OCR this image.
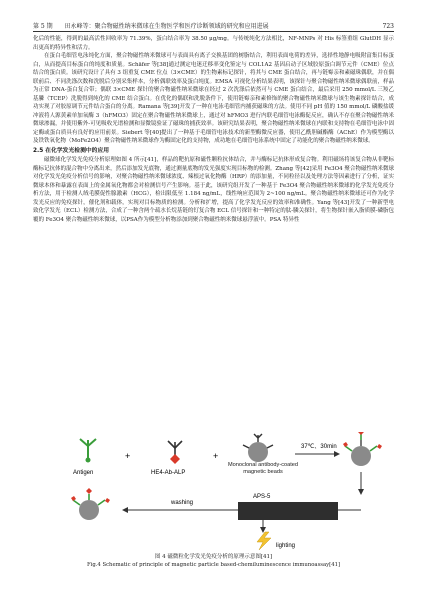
第 5 期 田永峰等：聚合物磁性纳米微球在生物医学和医疗诊断领域的研究和应用进展	723

化后的性能，得到的最高活性回收率为 71.39%，蛋白结合率为 38.50 μg/mg。与传统纯化方法相比，NF-MNPs 对 His 标签重组 GlutDH 显示出更高的特异性和活力。

在蛋白毛细管电泳纯化方面，聚合物磁性纳米微球可与表面具有离子交换基团的树脂结合，利用表面电荷的差异，选择性地静电吸附富集目标蛋白，从而提高目标蛋白的纯度和质量。Schäfer 等[38]通过测定电迷迁移率变化鉴定与 COL1A2 基因启动子区域胶原蛋白调节元件（CME）位点结合的蛋白质。该研究设计了具有 3 组重复 CME 位点（3×CME）的生物素标记探针，将其与 CME 蛋白结合，再与链霉亲和素磁珠偶联，并在偶联前后、不同洗涤次数和洗脱后分别采集样本，分析偶联效率及蛋白纯度。EMSA 可视化分析结果表明，该探针与聚合物磁性纳米微球偶联前，样品为正常 DNA-蛋白复合带；偶联 3×CME 探针的聚合物磁性纳米微球在经过 2 次洗涤后依然可与 CME 蛋白结合，最后采用 250 mmol/L 三羧乙基膦（TCEP）洗脱得到纯化的 CME 结合蛋白。在优化的偶联和洗脱条件下，使用链霉亲和素修饰的聚合物磁性纳米微球与该生物素探针结合，成功实现了对胶原调节元件结合蛋白的分离。Ramana 等[39]开发了一种在电泳毛细管内捕获磁珠的方法。使用不同 pH 值的 150 mmol/L 磷酸盐缓冲液将人源黄素单加氧酶 3（hFMO3）固定在聚合物磁性纳米微球上，通过对 hFMO3 进行内联毛细管电泳酶促反应，确认不存在聚合物磁性纳米微球渗漏，并使用紫外-可见吸收光谱检测和显微镜验证了磁珠的捕获效率。该研究结果表明，聚合物磁性纳米微球在内联和支持物在毛细管电泳中固定酶或蛋白质具有良好的应用前景。Siebert 等[40]提出了一种基于毛细管电泳技术的新型酶微反应器，使用乙酰胆碱酯酶（AChE）作为模型酶以及铁铁氧化物（MoFe2O4）聚合物磁性纳米微球作为酶固定化的支持物，成功地在毛细管电泳系统中固定了功能化的聚合物磁性纳米微球。

2.5 在化学发光检测中的应用

磁微球化学发光免疫分析原理如图 4 所示[41]，样品的靶抗原和磁性颗粒抗体结合，并与酶标记抗体形成复合物。利用磁场将该复合物从非靶标酶标记抗体的混合物中分离出来，然后添加发光底物，通过测量底物的发光强度实现目标物的检测。Zhang 等[42]采用 Fe3O4 聚合物磁性纳米微球对化学发光免疫分析信号的影响，对聚合物磁性纳米微球浓度、辣根过氧化物酶（HRP）的添加量，不同粒径以及处理方法等因素进行了分析，证实微球本体和暴露在表面上的金属氧化物都会对检测信号产生影响。基于此，该研究组开发了一种基于 Fe3O4 聚合物磁性纳米微球的化学发光免疫分析方法，用于检测人绒毛膜促性腺激素（HCG），检出限低至 1.184 ng/mL，线性响应范围为 2~100 ng/mL。聚合物磁性纳米微球还可作为化学发光反应的免疫探针，催化剂和载体，实现对目标物质的检测。分析和扩增，提高了化学发光反应的效率和准确性。Yang 等[43]开发了一种新型电致化学发光（ECL）检测方法，合成了一种含两个疏水长烷基链的钌复合物 ECL 信号探针和一种特定的肽-膦关探针，将生物探针嵌入脂质膜-磷脂包覆的 Fe3O4 聚合物磁性纳米微球，以PSA作为模型分析物添加到聚合物磁性纳米微球悬浮液中。PSA 特异性

Antigen
+
HE4-Ab-ALP
+
Monoclonal antibody-coated magnetic beads
37℃、30min
washing
APS-5
lighting
图 4 磁微粒化学发光免疫分析的原理示意图[41]
Fig.4 Schematic of principle of magnetic particle based-chemiluminescence immunoassay[41]
